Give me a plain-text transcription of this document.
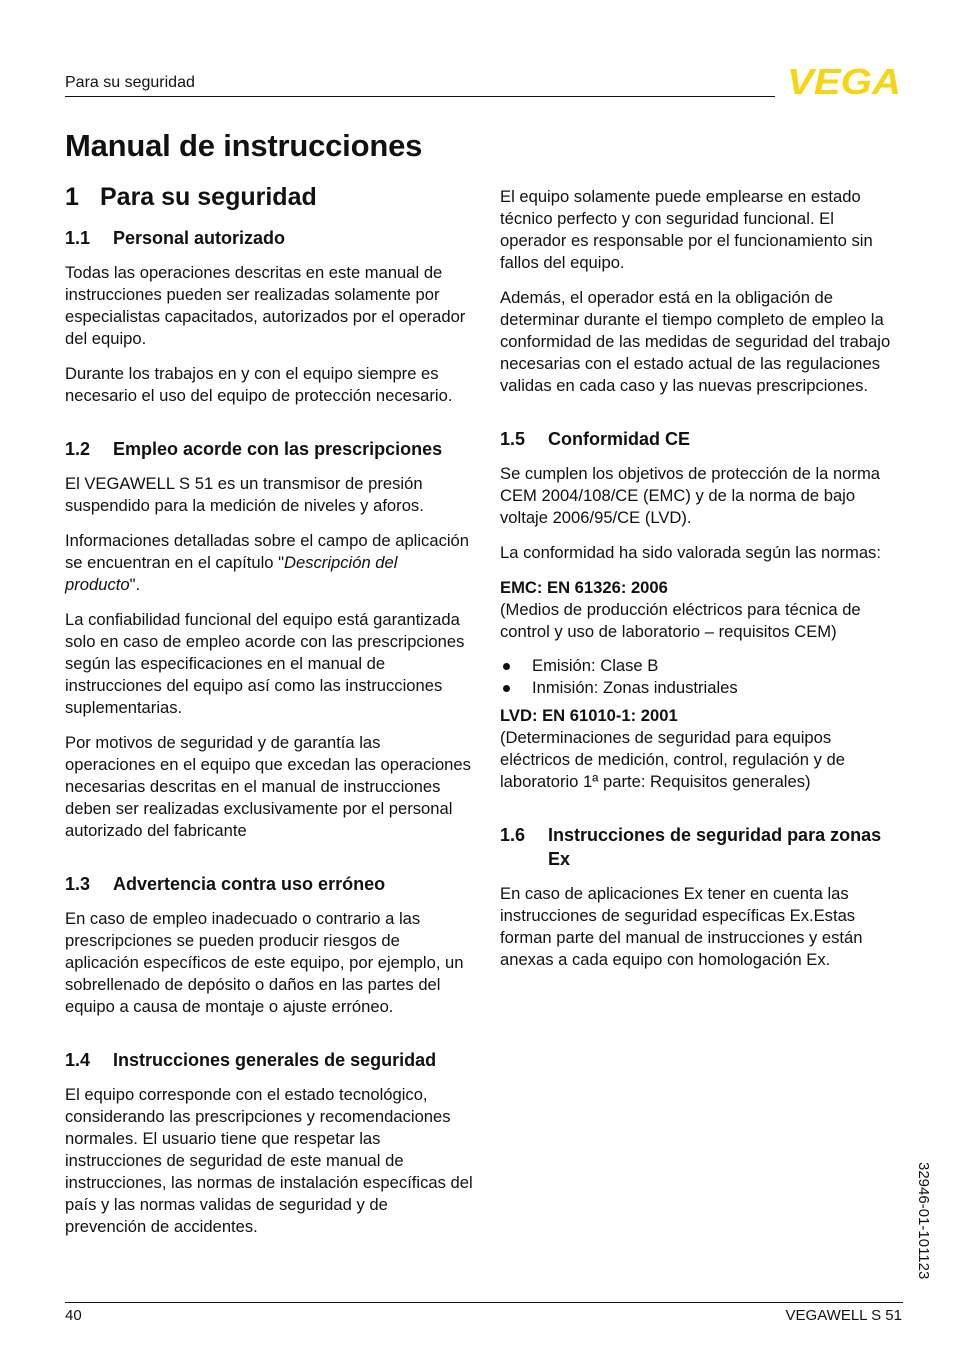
Para su seguridad	VEGA
Manual de instrucciones
1 Para su seguridad
1.1	Personal autorizado

Todas las operaciones descritas en este manual de instrucciones pueden ser realizadas solamente por especialistas capacitados, autorizados por el operador del equipo.

Durante los trabajos en y con el equipo siempre es necesario el uso del equipo de protección necesario.

1.2	Empleo acorde con las prescripciones

El VEGAWELL S 51 es un transmisor de presión suspendido para la medición de niveles y aforos.

Informaciones detalladas sobre el campo de aplicación se encuentran en el capítulo "Descripción del producto".

La confiabilidad funcional del equipo está garantizada solo en caso de empleo acorde con las prescripciones según las especificaciones en el manual de instrucciones del equipo así como las instrucciones suplementarias.

Por motivos de seguridad y de garantía las operaciones en el equipo que excedan las operaciones necesarias descritas en el manual de instrucciones deben ser realizadas exclusivamente por el personal autorizado del fabricante

1.3	Advertencia contra uso erróneo

En caso de empleo inadecuado o contrario a las prescripciones se pueden producir riesgos de aplicación específicos de este equipo, por ejemplo, un sobrellenado de depósito o daños en las partes del equipo a causa de montaje o ajuste erróneo.

1.4	Instrucciones generales de seguridad

El equipo corresponde con el estado tecnológico, considerando las prescripciones y recomendaciones normales. El usuario tiene que respetar las instrucciones de seguridad de este manual de instrucciones, las normas de instalación específicas del país y las normas validas de seguridad y de prevención de accidentes.

El equipo solamente puede emplearse en estado técnico perfecto y con seguridad funcional. El operador es responsable por el funcionamiento sin fallos del equipo.

Además, el operador está en la obligación de determinar durante el tiempo completo de empleo la conformidad de las medidas de seguridad del trabajo necesarias con el estado actual de las regulaciones validas en cada caso y las nuevas prescripciones.

1.5	Conformidad CE

Se cumplen los objetivos de protección de la norma CEM 2004/108/CE (EMC) y de la norma de bajo voltaje 2006/95/CE (LVD).

La conformidad ha sido valorada según las normas:

EMC: EN 61326: 2006

(Medios de producción eléctricos para técnica de control y uso de laboratorio – requisitos CEM)

Emisión: Clase B
Inmisión: Zonas industriales

LVD: EN 61010-1: 2001

(Determinaciones de seguridad para equipos eléctricos de medición, control, regulación y de laboratorio 1ª parte: Requisitos generales)

1.6	Instrucciones de seguridad para zonas Ex

En caso de aplicaciones Ex tener en cuenta las instrucciones de seguridad específicas Ex.Estas forman parte del manual de instrucciones y están anexas a cada equipo con homologación Ex.

32946-01-101123
40	VEGAWELL S 51
